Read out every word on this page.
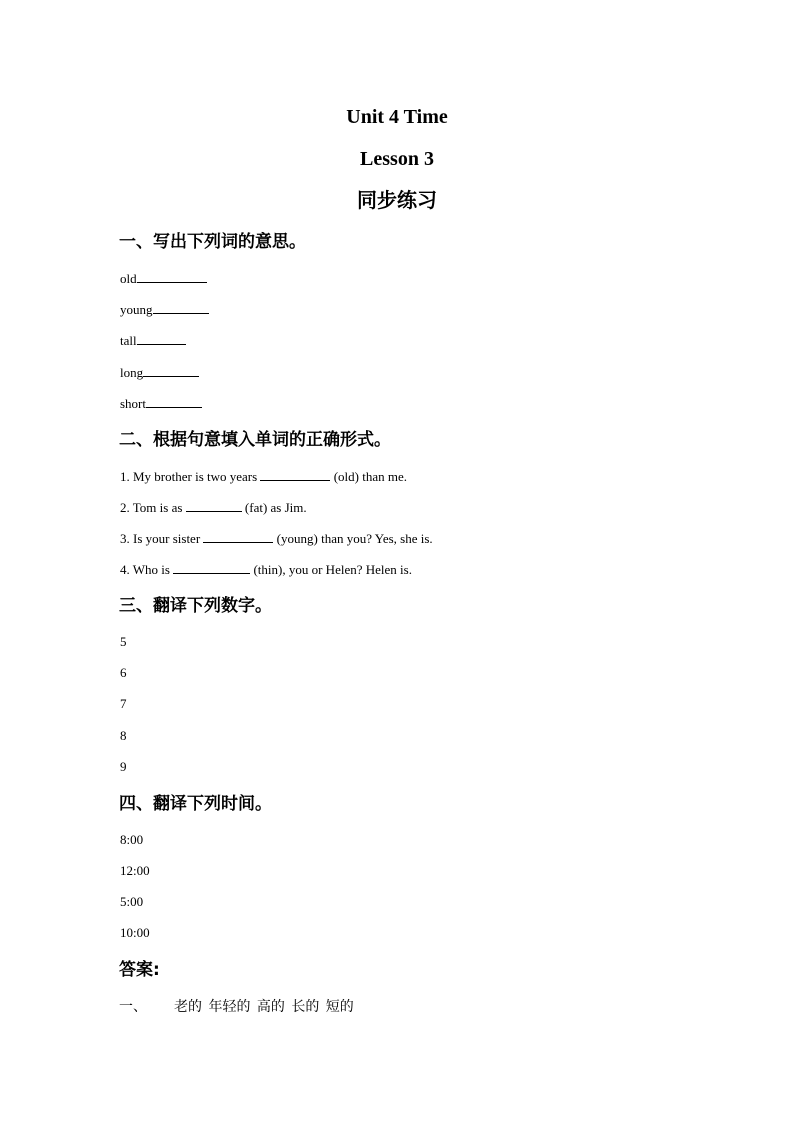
Unit 4 Time
Lesson 3
同步练习
一、写出下列词的意思。
old
young
tall
long
short
二、根据句意填入单词的正确形式。
1. My brother is two years	(old) than me.
2. Tom is as	(fat) as Jim.
3. Is your sister	(young) than you? Yes, she is.
4. Who is	(thin), you or Helen? Helen is.
三、翻译下列数字。
5
6
7
8
9
四、翻译下列时间。
8:00
12:00
5:00
10:00
答案:
一、 老的 年轻的 高的 长的 短的
